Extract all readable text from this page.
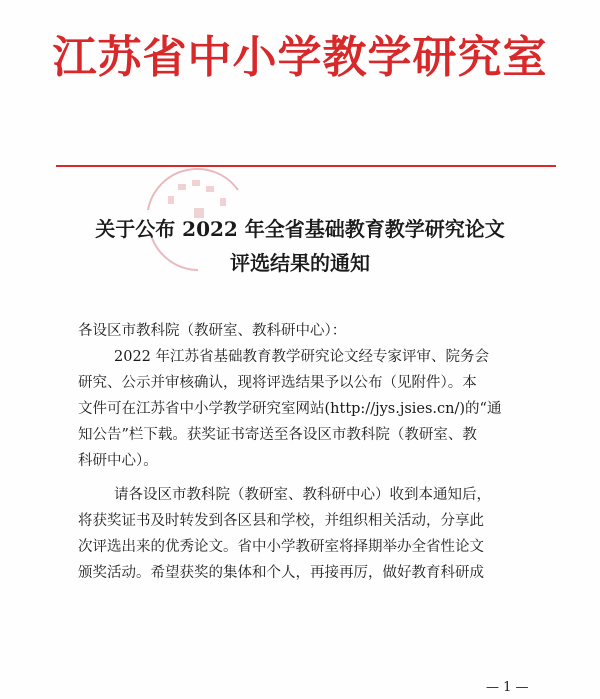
江苏省中小学教学研究室
关于公布 2022 年全省基础教育教学研究论文
评选结果的通知
各设区市教科院（教研室、教科研中心）：
2022 年江苏省基础教育教学研究论文经专家评审、院务会
研究、公示并审核确认，现将评选结果予以公布（见附件）。本
文件可在江苏省中小学教学研究室网站(http://jys.jsies.cn/)的“通
知公告”栏下载。获奖证书寄送至各设区市教科院（教研室、教
科研中心）。
请各设区市教科院（教研室、教科研中心）收到本通知后，
将获奖证书及时转发到各区县和学校，并组织相关活动，分享此
次评选出来的优秀论文。省中小学教研室将择期举办全省性论文
颁奖活动。希望获奖的集体和个人，再接再厉，做好教育科研成
— 1 —
